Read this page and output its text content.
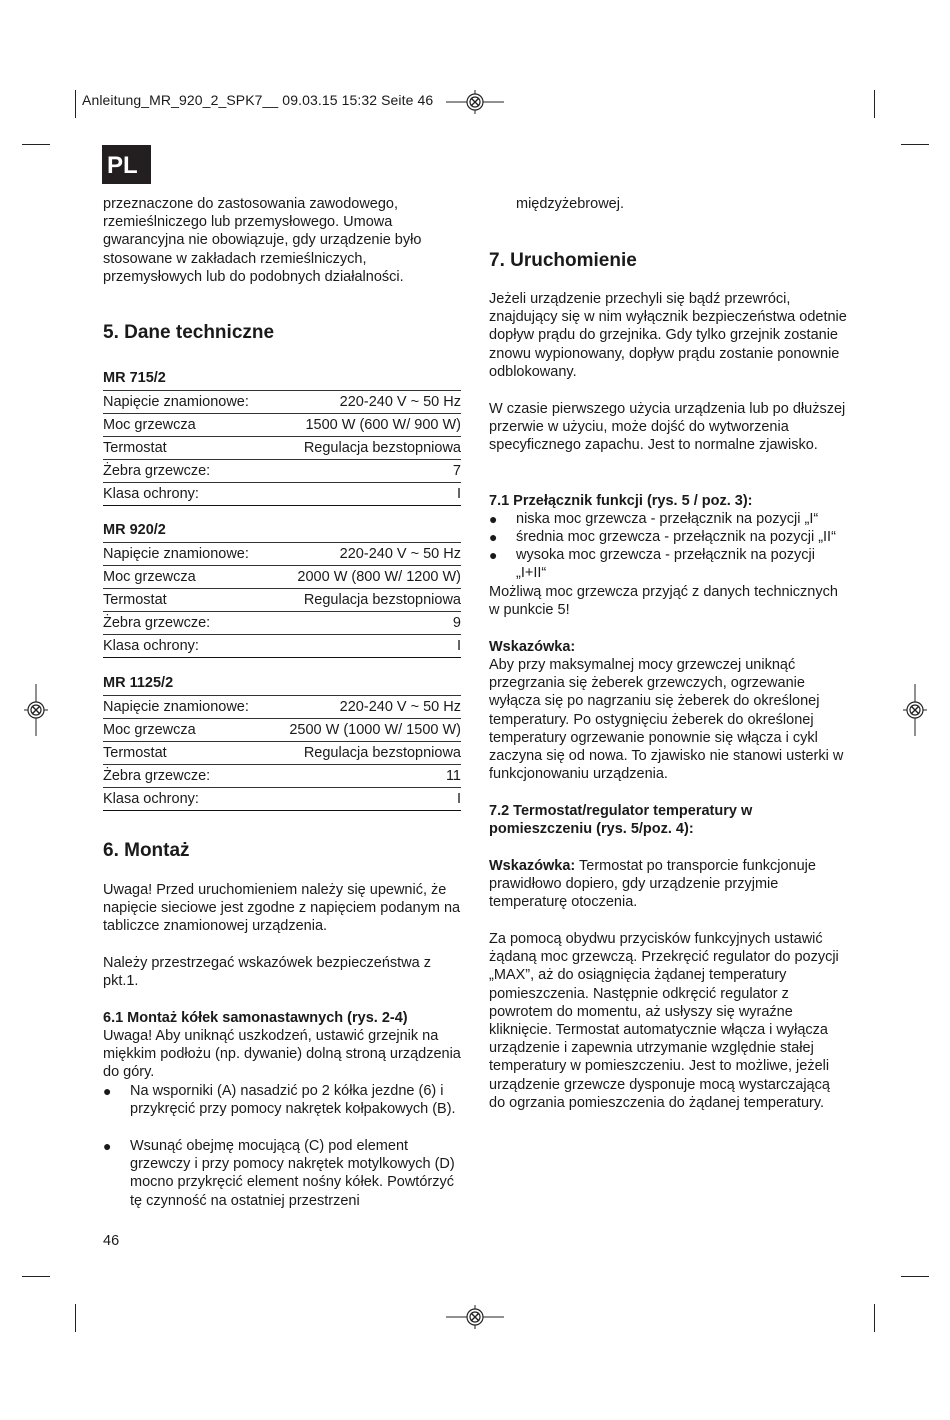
Anleitung_MR_920_2_SPK7__ 09.03.15 15:32 Seite 46
PL

przeznaczone do zastosowania zawodowego, rzemieślniczego lub przemysłowego. Umowa gwarancyjna nie obowiązuje, gdy urządzenie było stosowane w zakładach rzemieślniczych, przemysłowych lub do podobnych działalności.

5. Dane techniczne
MR 715/2
Napięcie znamionowe:	220-240 V ~ 50 Hz
Moc grzewcza	1500 W (600 W/ 900 W)
Termostat	Regulacja bezstopniowa
Żebra grzewcze:	7
Klasa ochrony:	I
MR 920/2
Napięcie znamionowe:	220-240 V ~ 50 Hz
Moc grzewcza	2000 W (800 W/ 1200 W)
Termostat	Regulacja bezstopniowa
Żebra grzewcze:	9
Klasa ochrony:	I
MR 1125/2
Napięcie znamionowe:	220-240 V ~ 50 Hz
Moc grzewcza	2500 W (1000 W/ 1500 W)
Termostat	Regulacja bezstopniowa
Żebra grzewcze:	11
Klasa ochrony:	I
6. Montaż

Uwaga! Przed uruchomieniem należy się upewnić, że napięcie sieciowe jest zgodne z napięciem podanym na tabliczce znamionowej urządzenia.

Należy przestrzegać wskazówek bezpieczeństwa z pkt.1.

6.1 Montaż kółek samonastawnych (rys. 2-4)

Uwaga! Aby uniknąć uszkodzeń, ustawić grzejnik na miękkim podłożu (np. dywanie) dolną stroną urządzenia do góry.

●	Na wsporniki (A) nasadzić po 2 kółka jezdne (6) i przykręcić przy pomocy nakrętek kołpakowych (B).
●	Wsunąć obejmę mocującą (C) pod element grzewczy i przy pomocy nakrętek motylkowych (D) mocno przykręcić element nośny kółek. Powtórzyć tę czynność na ostatniej przestrzeni
46

międzyżebrowej.

7. Uruchomienie

Jeżeli urządzenie przechyli się bądź przewróci, znajdujący się w nim wyłącznik bezpieczeństwa odetnie dopływ prądu do grzejnika. Gdy tylko grzejnik zostanie znowu wypionowany, dopływ prądu zostanie ponownie odblokowany.

W czasie pierwszego użycia urządzenia lub po dłuższej przerwie w użyciu, może dojść do wytworzenia specyficznego zapachu. Jest to normalne zjawisko.

7.1 Przełącznik funkcji (rys. 5 / poz. 3):
●	niska moc grzewcza - przełącznik na pozycji „I“
●	średnia moc grzewcza - przełącznik na pozycji „II“
●	wysoka moc grzewcza - przełącznik na pozycji „I+II“

Możliwą moc grzewcza przyjąć z danych technicznych w punkcie 5!

Wskazówka:

Aby przy maksymalnej mocy grzewczej uniknąć przegrzania się żeberek grzewczych, ogrzewanie wyłącza się po nagrzaniu się żeberek do określonej temperatury. Po ostygnięciu żeberek do określonej temperatury ogrzewanie ponownie się włącza i cykl zaczyna się od nowa. To zjawisko nie stanowi usterki w funkcjonowaniu urządzenia.

7.2 Termostat/regulator temperatury w pomieszczeniu (rys. 5/poz. 4):

Wskazówka: Termostat po transporcie funkcjonuje prawidłowo dopiero, gdy urządzenie przyjmie temperaturę otoczenia.

Za pomocą obydwu przycisków funkcyjnych ustawić żądaną moc grzewczą. Przekręcić regulator do pozycji „MAX”, aż do osiągnięcia żądanej temperatury pomieszczenia. Następnie odkręcić regulator z powrotem do momentu, aż usłyszy się wyraźne kliknięcie. Termostat automatycznie włącza i wyłącza urządzenie i zapewnia utrzymanie względnie stałej temperatury w pomieszczeniu. Jest to możliwe, jeżeli urządzenie grzewcze dysponuje mocą wystarczającą do ogrzania pomieszczenia do żądanej temperatury.
